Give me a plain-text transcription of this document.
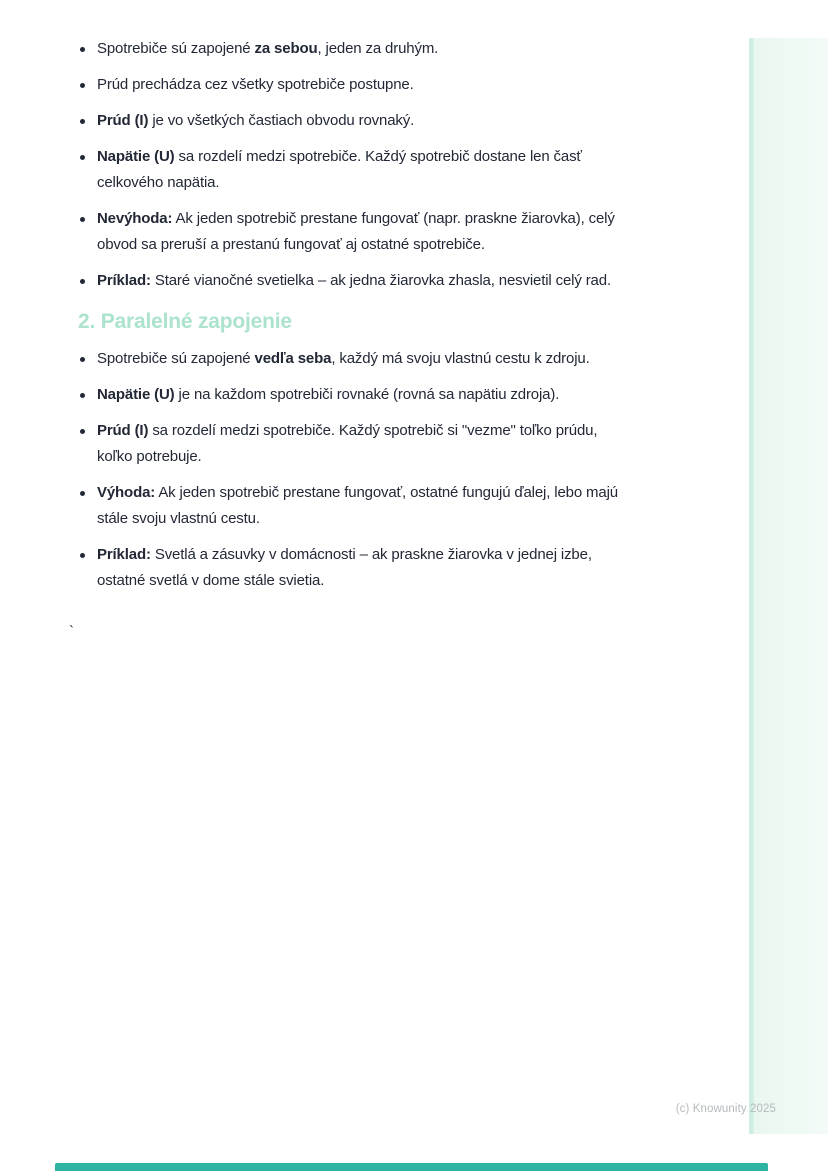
Spotrebiče sú zapojené za sebou, jeden za druhým.
Prúd prechádza cez všetky spotrebiče postupne.
Prúd (I) je vo všetkých častiach obvodu rovnaký.
Napätie (U) sa rozdelí medzi spotrebiče. Každý spotrebič dostane len časť celkového napätia.
Nevýhoda: Ak jeden spotrebič prestane fungovať (napr. praskne žiarovka), celý obvod sa preruší a prestanú fungovať aj ostatné spotrebiče.
Príklad: Staré vianočné svetielka – ak jedna žiarovka zhasla, nesvietil celý rad.
2. Paralelné zapojenie
Spotrebiče sú zapojené vedľa seba, každý má svoju vlastnú cestu k zdroju.
Napätie (U) je na každom spotrebiči rovnaké (rovná sa napätiu zdroja).
Prúd (I) sa rozdelí medzi spotrebiče. Každý spotrebič si "vezme" toľko prúdu, koľko potrebuje.
Výhoda: Ak jeden spotrebič prestane fungovať, ostatné fungujú ďalej, lebo majú stále svoju vlastnú cestu.
Príklad: Svetlá a zásuvky v domácnosti – ak praskne žiarovka v jednej izbe, ostatné svetlá v dome stále svietia.
`
(c) Knowunity 2025
